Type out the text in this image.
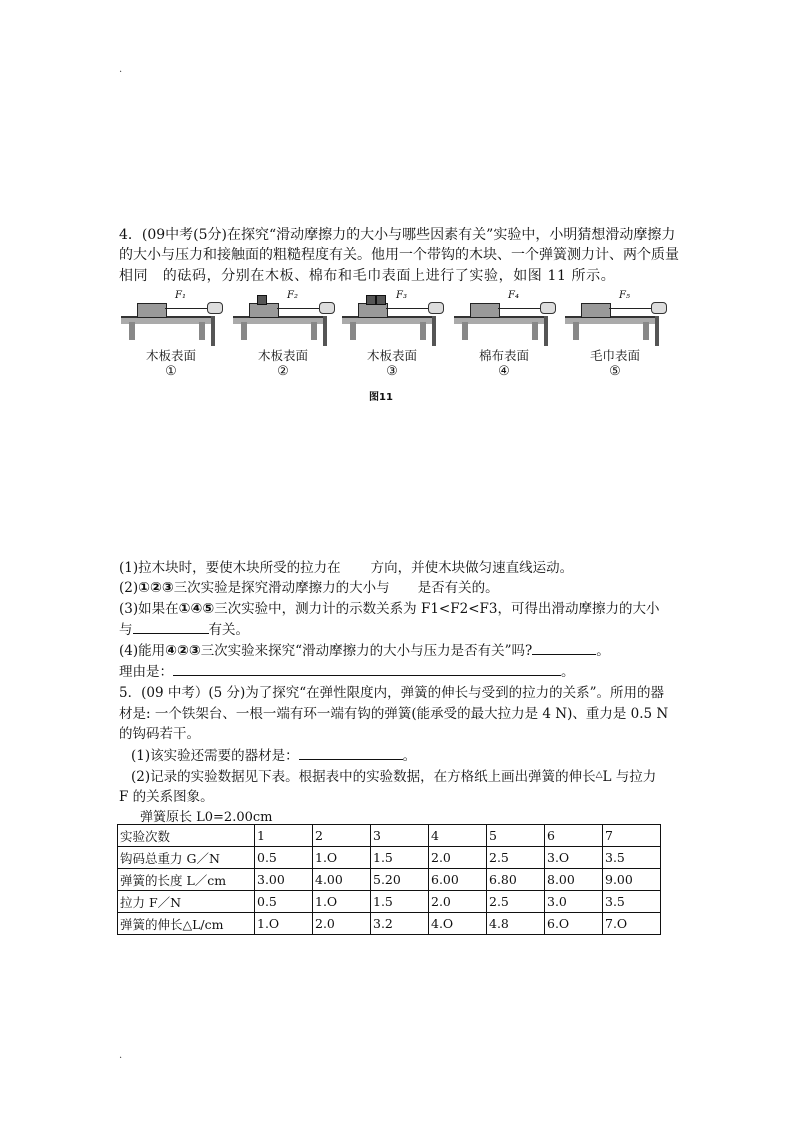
.
4．(09中考(5分)在探究“滑动摩擦力的大小与哪些因素有关”实验中，小明猜想滑动摩擦力
的大小与压力和接触面的粗糙程度有关。他用一个带钩的木块、一个弹簧测力计、两个质量
相同　的砝码，分别在木板、棉布和毛巾表面上进行了实验，如图 11 所示。
F₁
木板表面
①
F₂
木板表面
②
F₃
木板表面
③
F₄
棉布表面
④
F₅
毛巾表面
⑤
图11
(1)拉木块时，要使木块所受的拉力在 方向，并使木块做匀速直线运动。
(2)①②③三次实验是探究滑动摩擦力的大小与 是否有关的。
(3)如果在①④⑤三次实验中，测力计的示数关系为 F1<F2<F3，可得出滑动摩擦力的大小
与	有关。
(4)能用④②③三次实验来探究“滑动摩擦力的大小与压力是否有关”吗?	。
理由是：	。
5．(09 中考）(5 分)为了探究“在弹性限度内，弹簧的伸长与受到的拉力的关系”。所用的器
材是: 一个铁架台、一根一端有环一端有钩的弹簧(能承受的最大拉力是 4 N)、重力是 0.5 N
的钩码若干。
(1)该实验还需要的器材是：	。
(2)记录的实验数据见下表。根据表中的实验数据，在方格纸上画出弹簧的伸长△L 与拉力
F 的关系图象。
弹簧原长 L0=2.00cm
实验次数	1	2	3	4	5	6	7
钩码总重力 G／N	0.5	1.O	1.5	2.0	2.5	3.O	3.5
弹簧的长度 L／cm	3.00	4.00	5.20	6.00	6.80	8.00	9.00
拉力 F／N	0.5	1.O	1.5	2.0	2.5	3.0	3.5
弹簧的伸长△L/cm	1.O	2.0	3.2	4.O	4.8	6.O	7.O
.
